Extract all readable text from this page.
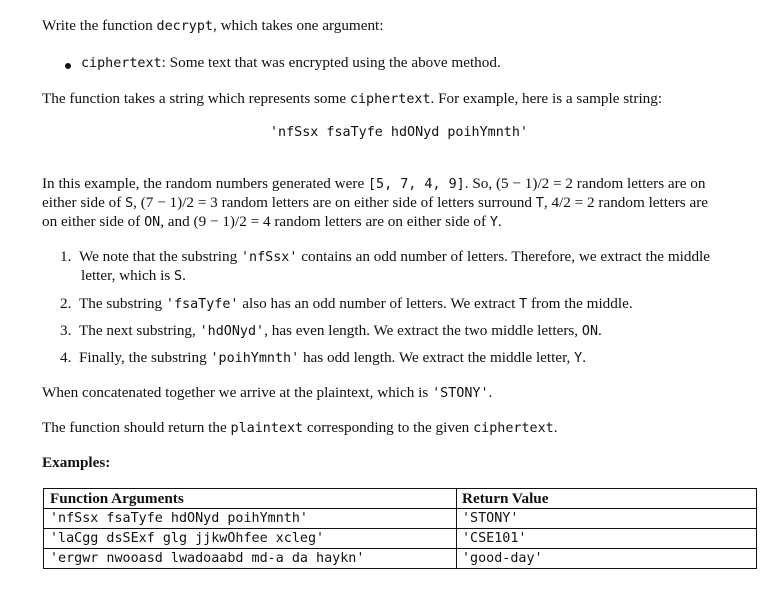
Write the function decrypt, which takes one argument:
ciphertext: Some text that was encrypted using the above method.
The function takes a string which represents some ciphertext. For example, here is a sample string:
'nfSsx fsaTyfe hdONyd poihYmnth'
In this example, the random numbers generated were [5, 7, 4, 9]. So, (5 − 1)/2 = 2 random letters are on
either side of S, (7 − 1)/2 = 3 random letters are on either side of letters surround T, 4/2 = 2 random letters are
on either side of ON, and (9 − 1)/2 = 4 random letters are on either side of Y.
1. We note that the substring 'nfSsx' contains an odd number of letters. Therefore, we extract the middle
letter, which is S.
2. The substring 'fsaTyfe' also has an odd number of letters. We extract T from the middle.
3. The next substring, 'hdONyd', has even length. We extract the two middle letters, ON.
4. Finally, the substring 'poihYmnth' has odd length. We extract the middle letter, Y.
When concatenated together we arrive at the plaintext, which is 'STONY'.
The function should return the plaintext corresponding to the given ciphertext.
Examples:
Function Arguments	Return Value
'nfSsx fsaTyfe hdONyd poihYmnth'	'STONY'
'laCgg dsSExf glg jjkwOhfee xcleg'	'CSE101'
'ergwr nwooasd lwadoaabd md-a da haykn'	'good-day'
